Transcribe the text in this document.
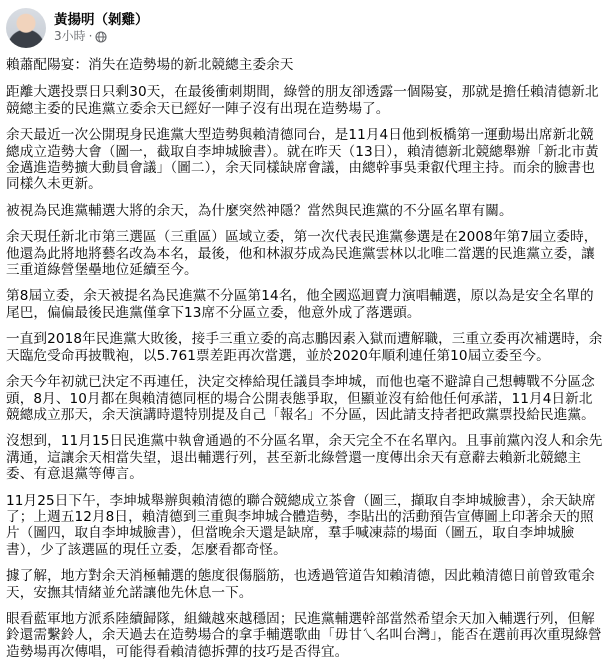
黃揚明（剝雞）
3小時 ·

賴蕭配陽宴：消失在造勢場的新北競總主委余天

距離大選投票日只剩30天，在最後衝刺期間，綠營的朋友卻透露一個陽宴，那就是擔任賴清德新北競總主委的民進黨立委余天已經好一陣子沒有出現在造勢場了。

余天最近一次公開現身民進黨大型造勢與賴清德同台，是11月4日他到板橋第一運動場出席新北競總成立造勢大會（圖一，截取自李坤城臉書）。就在昨天（13日），賴清德新北競總舉辦「新北市黃金邁進造勢擴大動員會議」（圖二），余天同樣缺席會議，由總幹事吳秉叡代理主持。而余的臉書也同樣久未更新。

被視為民進黨輔選大將的余天，為什麼突然神隱？當然與民進黨的不分區名單有關。

余天現任新北市第三選區（三重區）區域立委，第一次代表民進黨參選是在2008年第7屆立委時，他還為此將地將藝名改為本名，最後，他和林淑芬成為民進黨雲林以北唯二當選的民進黨立委，讓三重道綠營堡壘地位延續至今。

第8屆立委，余天被提名為民進黨不分區第14名，他全國巡迴賣力演唱輔選，原以為是安全名單的尾巴，偏偏最後民進黨僅拿下13席不分區立委，他意外成了落選頭。

一直到2018年民進黨大敗後，接手三重立委的高志鵬因素入獄而遭解職，三重立委再次補選時，余天臨危受命再披戰袍，以5.761票差距再次當選，並於2020年順利連任第10屆立委至今。

余天今年初就已決定不再連任，決定交棒給現任議員李坤城，而他也毫不避諱自己想轉戰不分區念頭，8月、10月都在與賴清德同框的場合公開表態爭取，但顯並沒有給他任何承諾，11月4日新北競總成立那天，余天演講時還特別提及自己「報名」不分區，因此請支持者把政黨票投給民進黨。

沒想到，11月15日民進黨中執會通過的不分區名單，余天完全不在名單內。且事前黨內沒人和余先溝通，這讓余天相當失望，退出輔選行列，甚至新北綠營還一度傳出余天有意辭去賴新北競總主委、有意退黨等傳言。

11月25日下午，李坤城舉辦與賴清德的聯合競總成立茶會（圖三，擷取自李坤城臉書），余天缺席了；上週五12月8日，賴清德到三重與李坤城合體造勢，李貼出的活動預告宣傳圖上印著余天的照片（圖四，取自李坤城臉書），但當晚余天還是缺席，羣手喊凍蒜的場面（圖五，取自李坤城臉書），少了該選區的現任立委，怎麼看都奇怪。

據了解，地方對余天消極輔選的態度很傷腦筋，也透過管道告知賴清德，因此賴清德日前曾致電余天，安撫其情緒並允諾讓他先休息一下。

眼看藍軍地方派系陸續歸隊，組織越來越穩固；民進黨輔選幹部當然希望余天加入輔選行列，但解鈴還需繫鈴人，余天過去在造勢場合的拿手輔選歌曲「毋甘乀名叫台灣」，能否在選前再次重現綠營造勢場再次傳唱，可能得看賴清德拆彈的技巧是否得宜。
